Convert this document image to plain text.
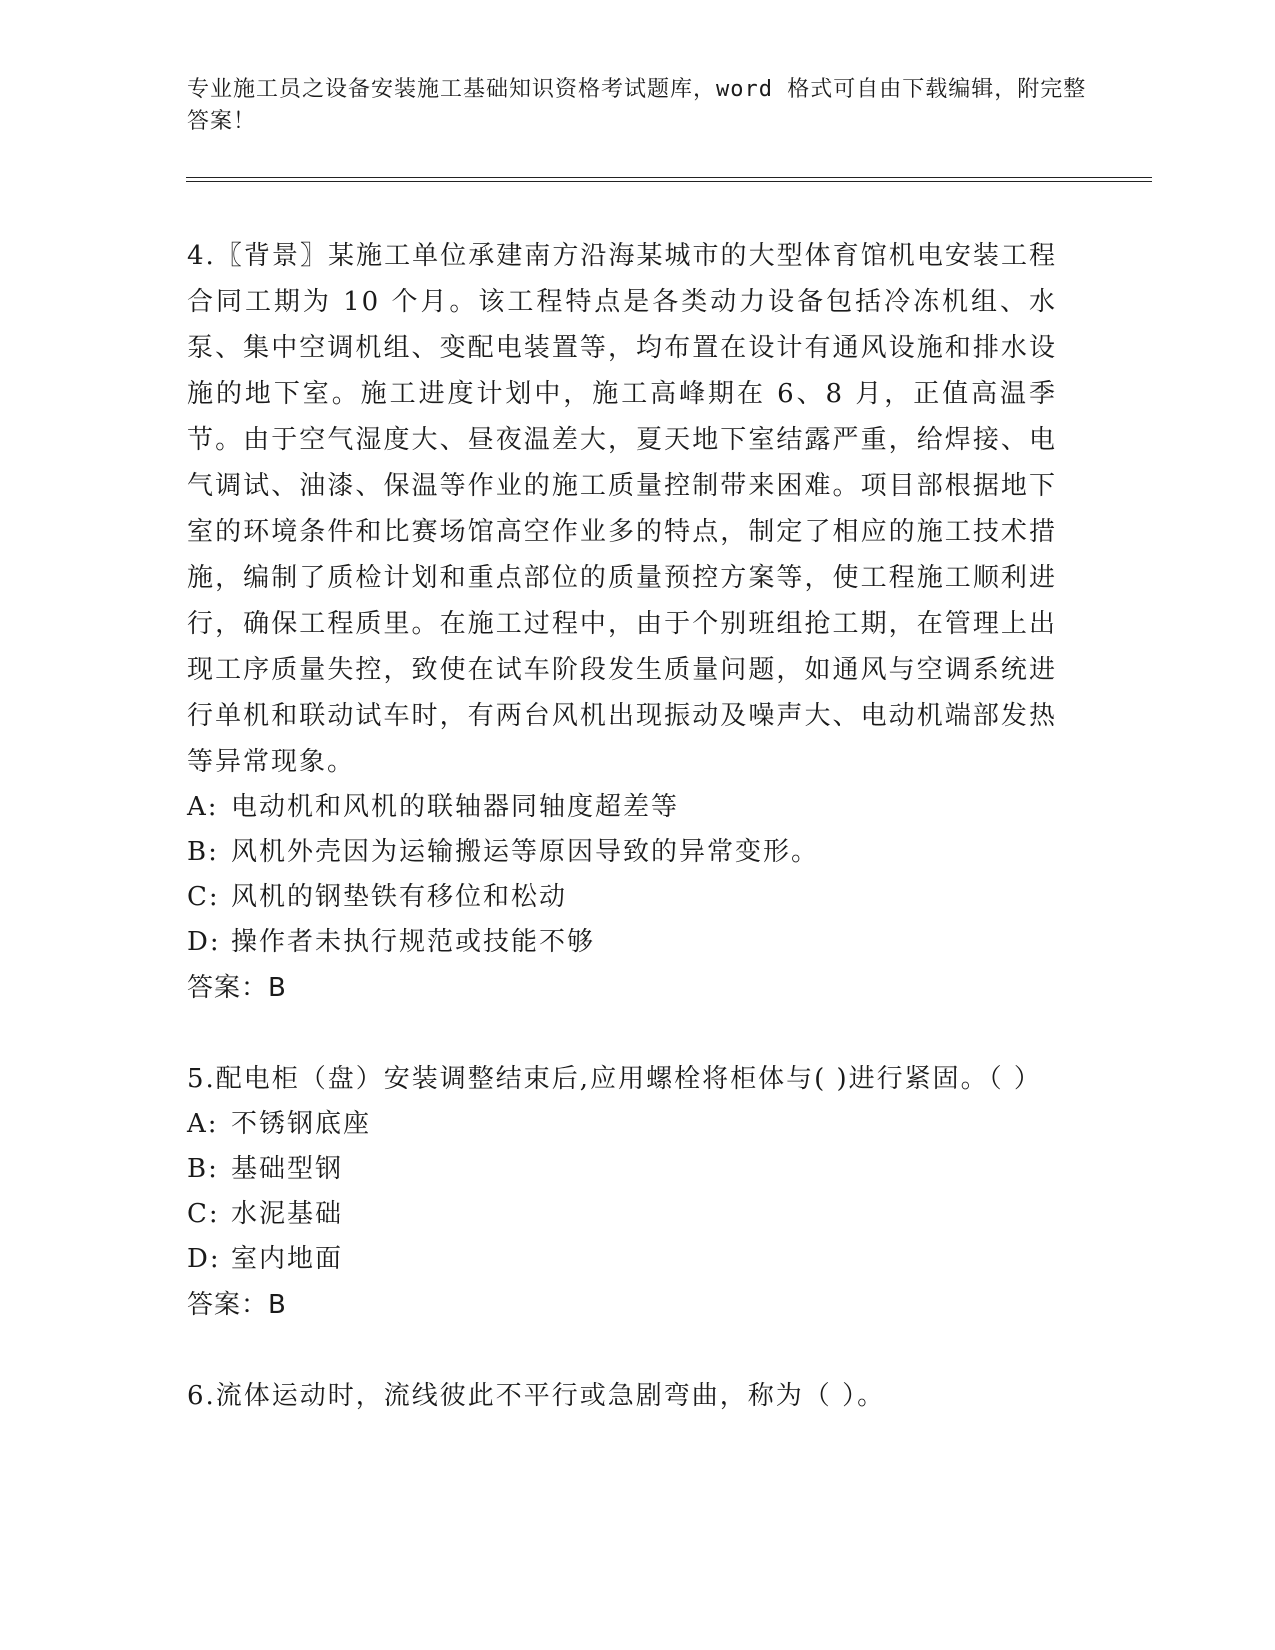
专业施工员之设备安装施工基础知识资格考试题库，word 格式可自由下载编辑，附完整答案！
4.〖背景〗某施工单位承建南方沿海某城市的大型体育馆机电安装工程合同工期为 10 个月。该工程特点是各类动力设备包括冷冻机组、水泵、集中空调机组、变配电装置等，均布置在设计有通风设施和排水设施的地下室。施工进度计划中，施工高峰期在 6、8 月，正值高温季节。由于空气湿度大、昼夜温差大，夏天地下室结露严重，给焊接、电气调试、油漆、保温等作业的施工质量控制带来困难。项目部根据地下室的环境条件和比赛场馆高空作业多的特点，制定了相应的施工技术措施，编制了质检计划和重点部位的质量预控方案等，使工程施工顺利进行，确保工程质里。在施工过程中，由于个别班组抢工期，在管理上出现工序质量失控，致使在试车阶段发生质量问题，如通风与空调系统进行单机和联动试车时，有两台风机出现振动及噪声大、电动机端部发热等异常现象。
A: 电动机和风机的联轴器同轴度超差等
B: 风机外壳因为运输搬运等原因导致的异常变形。
C: 风机的钢垫铁有移位和松动
D: 操作者未执行规范或技能不够
答案：B
5.配电柜（盘）安装调整结束后,应用螺栓将柜体与( )进行紧固。（ ）
A: 不锈钢底座
B: 基础型钢
C: 水泥基础
D: 室内地面
答案：B
6.流体运动时，流线彼此不平行或急剧弯曲，称为（ ）。
